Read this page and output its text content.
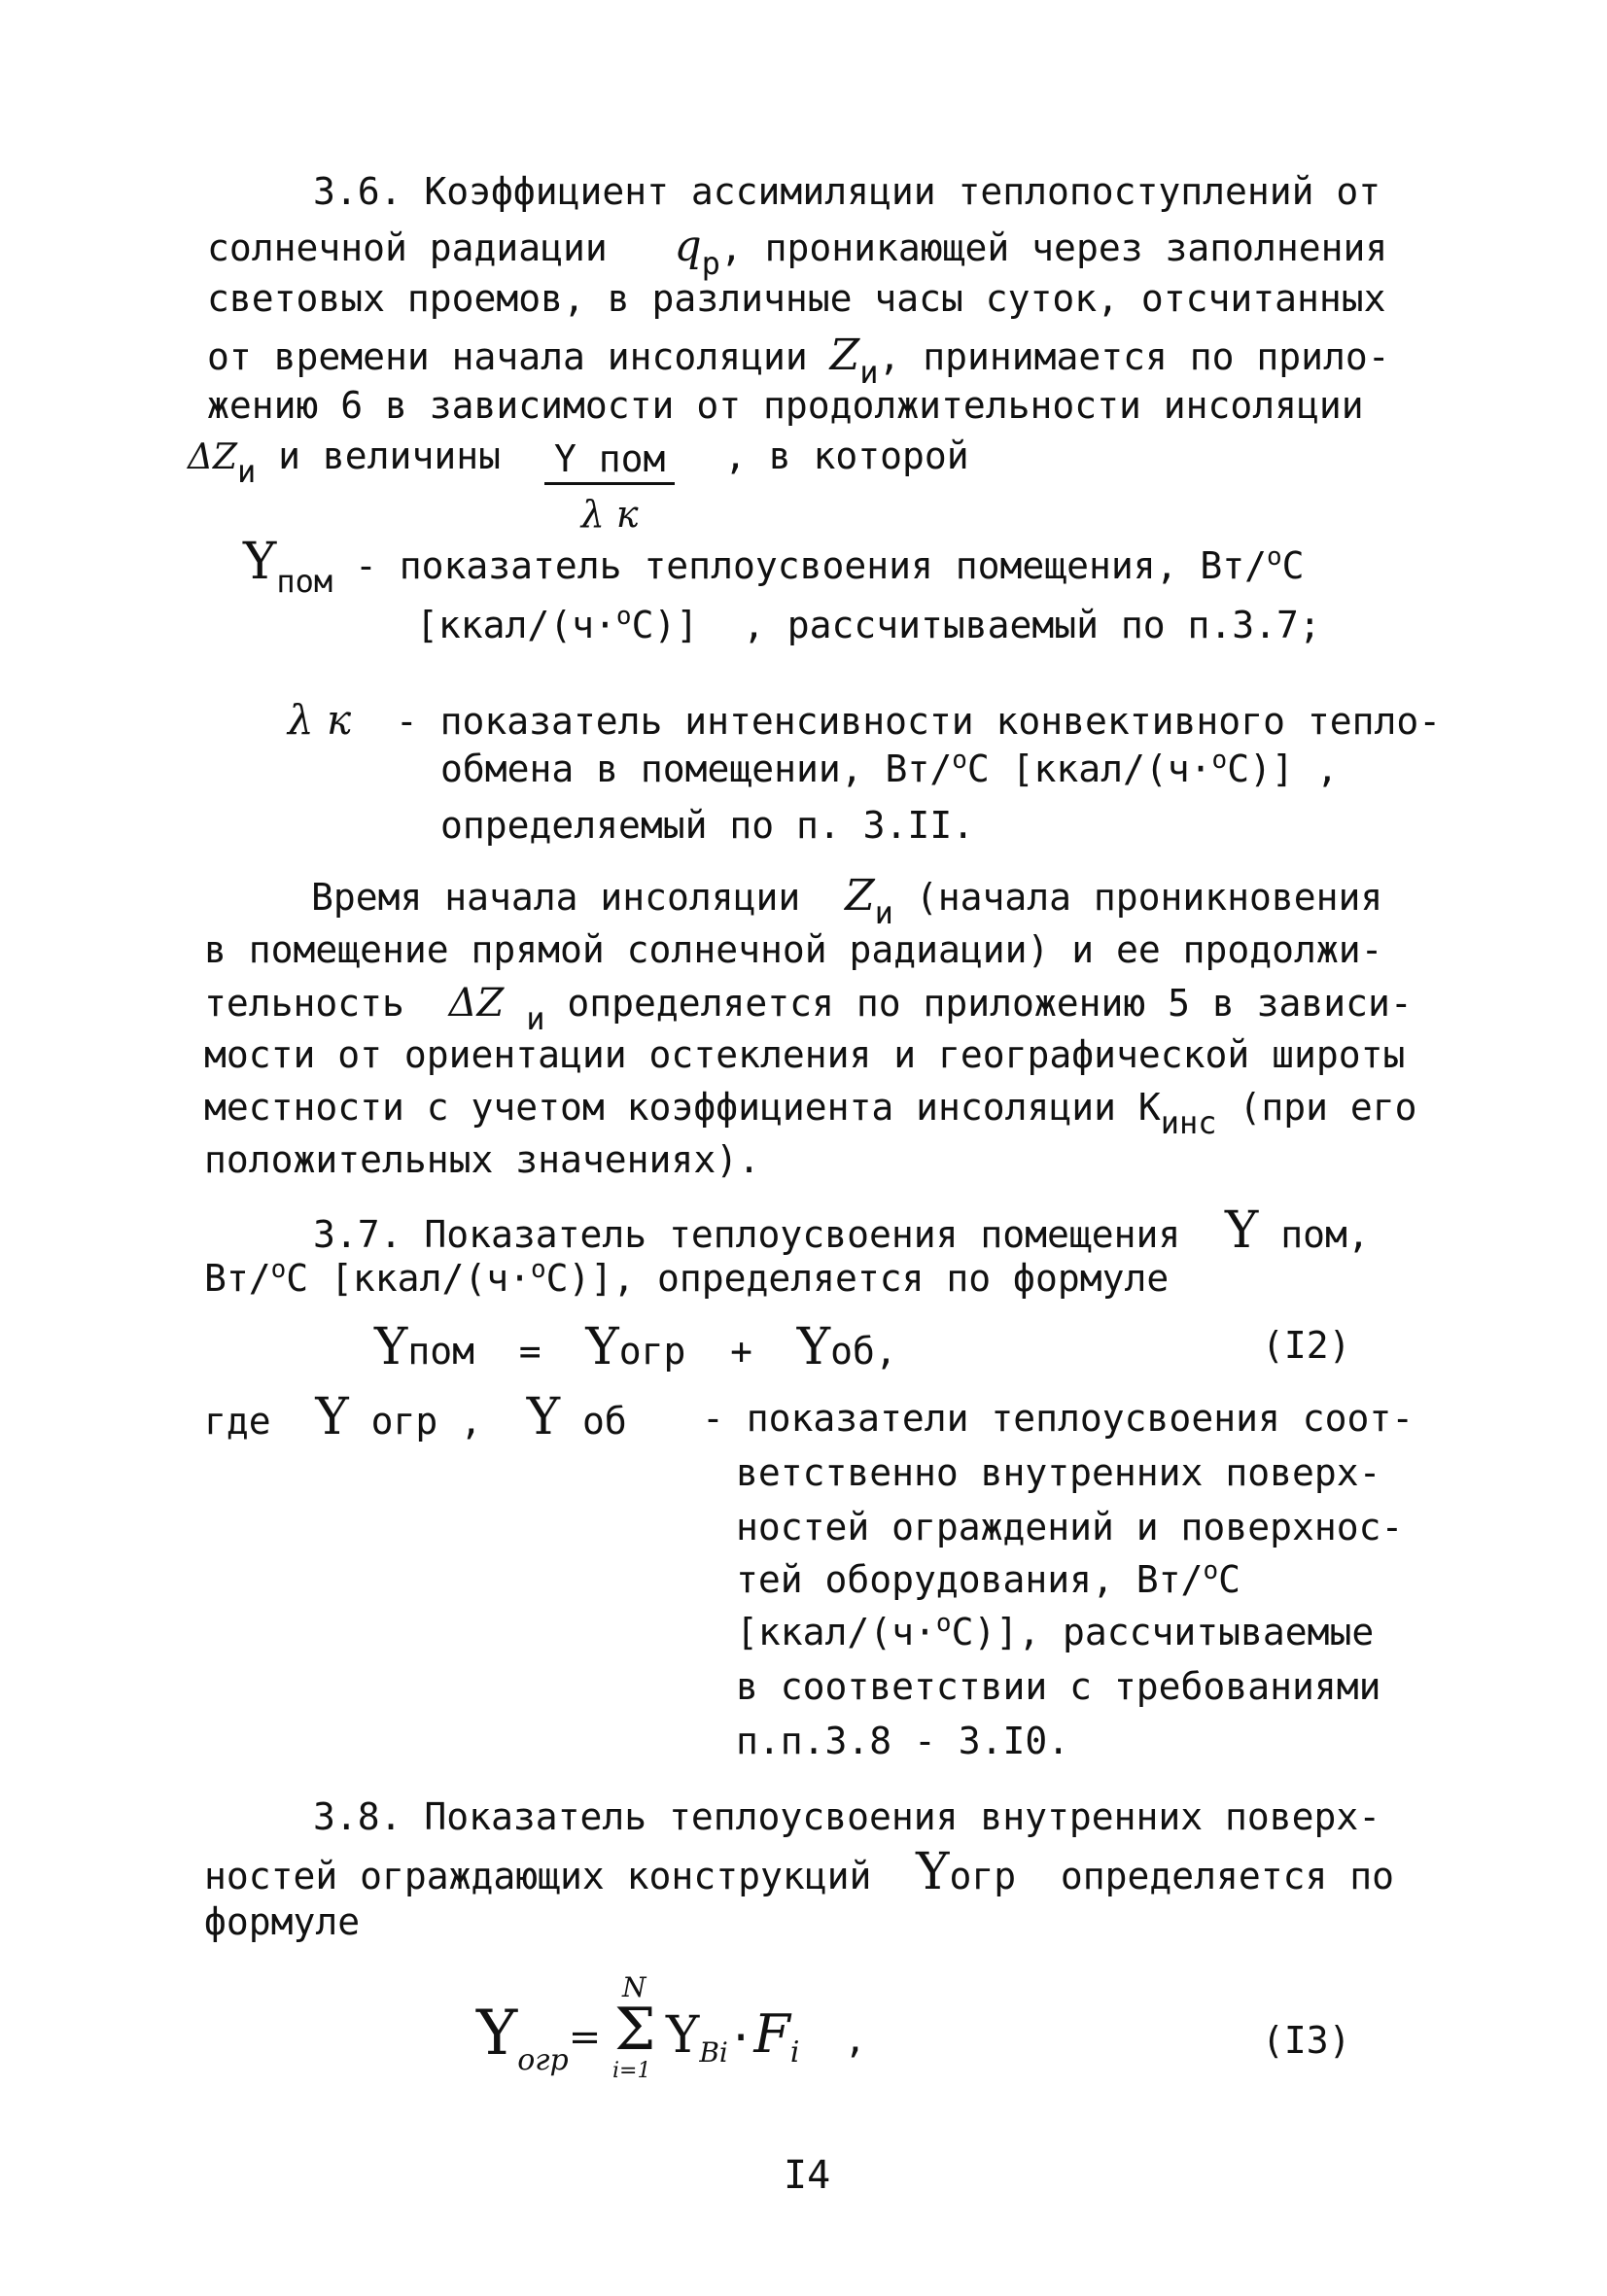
3.6. Коэффициент ассимиляции теплопоступлений от
солнечной радиации $q_р$, проникающей через заполнения
световых проемов, в различные часы суток, отсчитанных
от времени начала инсоляции $Z_и$, принимается по прило-
жению 6 в зависимости от продолжительности инсоляции
$\Delta Z_и$ и величины Y пом
λ к
, в которой
$Y_{пом}$ - показатель теплоусвоения помещения, Вт/$^o$С
[ккал/(ч·$^o$С)] , рассчитываемый по п.3.7;
λ к - показатель интенсивности конвективного тепло-
обмена в помещении, Вт/$^o$С [ккал/(ч·$^o$С)] ,
определяемый по п. 3.II.
Время начала инсоляции $Z_и$ (начала проникновения
в помещение прямой солнечной радиации) и ее продолжи-
тельность ΔZ $_и$ определяется по приложению 5 в зависи-
мости от ориентации остекления и географической широты
местности с учетом коэффициента инсоляции $К_{инс}$ (при его
положительных значениях).
3.7. Показатель теплоусвоения помещения Y пом,
Вт/$^o$С [ккал/(ч·$^o$С)], определяется по формуле
Yпом = Yогр + Yоб,	(I2)
где Y огр , Y об - показатели теплоусвоения соот-
ветственно внутренних поверх-
ностей ограждений и поверхнос-
тей оборудования, Вт/$^o$С
[ккал/(ч·$^o$С)], рассчитываемые
в соответствии с требованиями
п.п.3.8 - 3.I0.
3.8. Показатель теплоусвоения внутренних поверх-
ностей ограждающих конструкций Yогр определяется по
формуле
$Y_{огр}=$
N
Σ
i=1
$Y_{Bi}\cdot F_i$ ,	(I3)
I4
